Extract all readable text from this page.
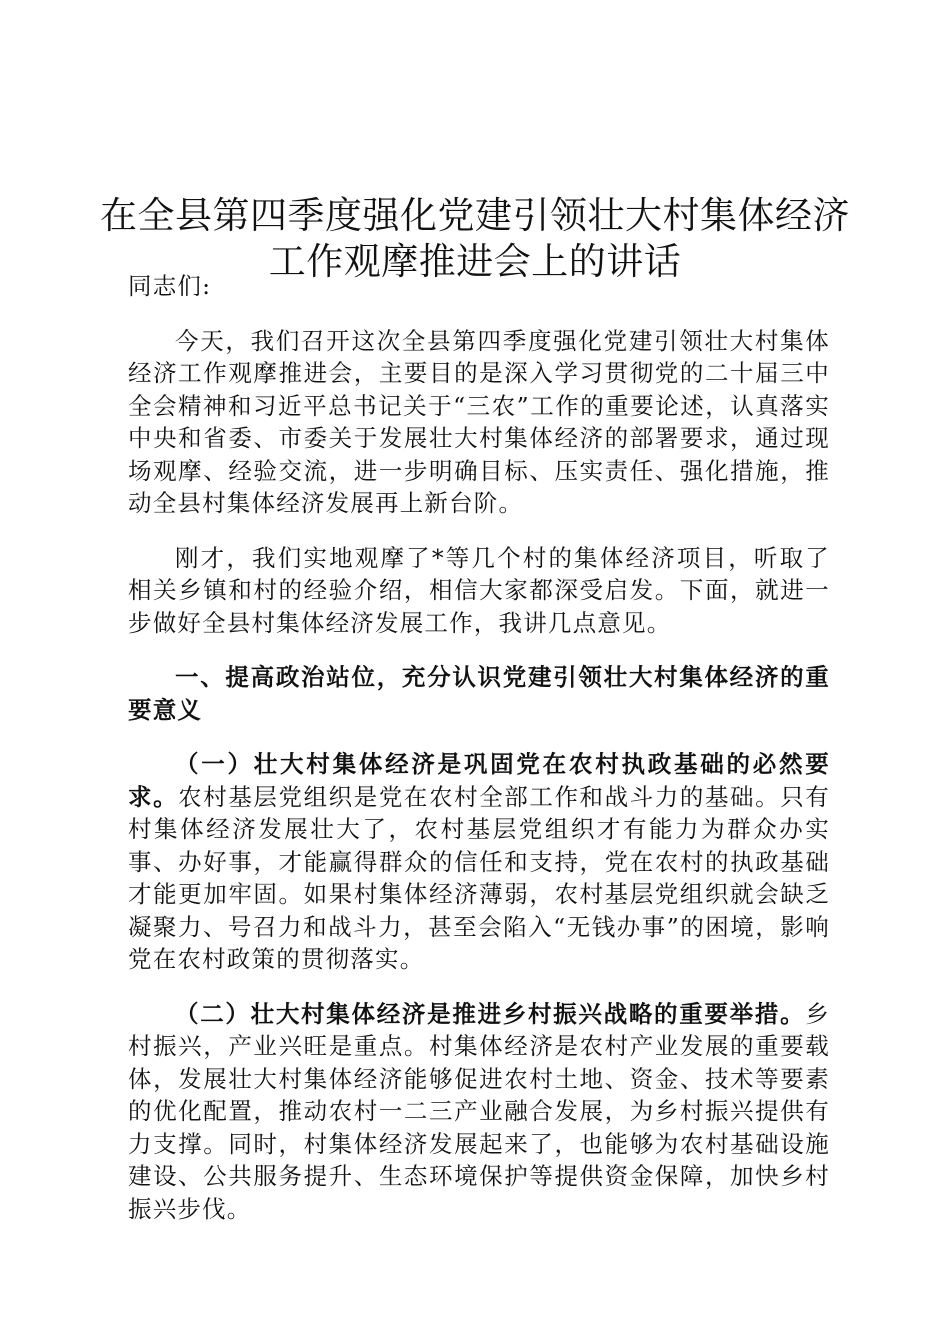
在全县第四季度强化党建引领壮大村集体经济
工作观摩推进会上的讲话

同志们:

今天，我们召开这次全县第四季度强化党建引领壮大村集体经济工作观摩推进会，主要目的是深入学习贯彻党的二十届三中全会精神和习近平总书记关于“三农”工作的重要论述，认真落实中央和省委、市委关于发展壮大村集体经济的部署要求，通过现场观摩、经验交流，进一步明确目标、压实责任、强化措施，推动全县村集体经济发展再上新台阶。

刚才，我们实地观摩了*等几个村的集体经济项目，听取了相关乡镇和村的经验介绍，相信大家都深受启发。下面，就进一步做好全县村集体经济发展工作，我讲几点意见。

一、提高政治站位，充分认识党建引领壮大村集体经济的重要意义

（一）壮大村集体经济是巩固党在农村执政基础的必然要求。农村基层党组织是党在农村全部工作和战斗力的基础。只有村集体经济发展壮大了，农村基层党组织才有能力为群众办实事、办好事，才能赢得群众的信任和支持，党在农村的执政基础才能更加牢固。如果村集体经济薄弱，农村基层党组织就会缺乏凝聚力、号召力和战斗力，甚至会陷入“无钱办事”的困境，影响党在农村政策的贯彻落实。

（二）壮大村集体经济是推进乡村振兴战略的重要举措。乡村振兴，产业兴旺是重点。村集体经济是农村产业发展的重要载体，发展壮大村集体经济能够促进农村土地、资金、技术等要素的优化配置，推动农村一二三产业融合发展，为乡村振兴提供有力支撑。同时，村集体经济发展起来了，也能够为农村基础设施建设、公共服务提升、生态环境保护等提供资金保障，加快乡村振兴步伐。
